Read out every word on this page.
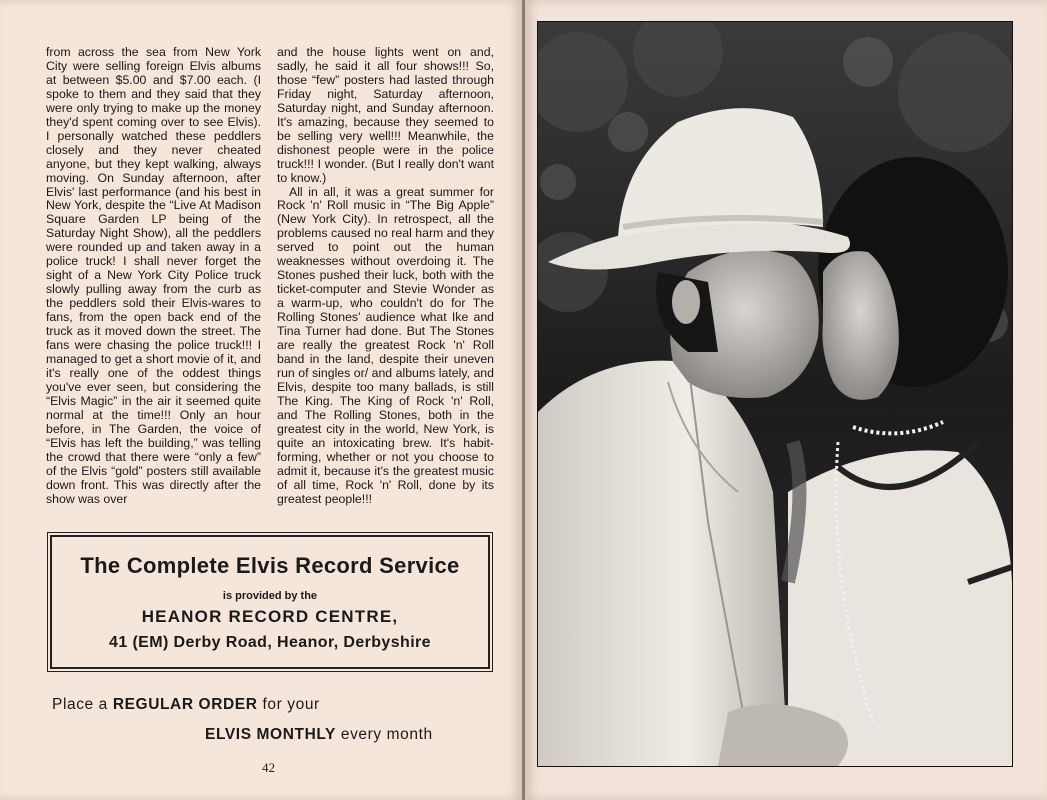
from across the sea from New York City were selling foreign Elvis albums at between $5.00 and $7.00 each. (I spoke to them and they said that they were only trying to make up the money they'd spent coming over to see Elvis). I personally watched these peddlers closely and they never cheated anyone, but they kept walking, always moving. On Sunday afternoon, after Elvis' last performance (and his best in New York, despite the “Live At Madison Square Garden LP being of the Saturday Night Show), all the peddlers were rounded up and taken away in a police truck! I shall never forget the sight of a New York City Police truck slowly pulling away from the curb as the peddlers sold their Elvis-wares to fans, from the open back end of the truck as it moved down the street. The fans were chasing the police truck!!! I managed to get a short movie of it, and it's really one of the oddest things you've ever seen, but considering the “Elvis Magic” in the air it seemed quite normal at the time!!! Only an hour before, in The Garden, the voice of “Elvis has left the building,” was telling the crowd that there were “only a few” of the Elvis “gold” posters still available down front. This was directly after the show was over

and the house lights went on and, sadly, he said it all four shows!!! So, those “few” posters had lasted through Friday night, Saturday afternoon, Saturday night, and Sunday afternoon. It's amazing, because they seemed to be selling very well!!! Meanwhile, the dishonest people were in the police truck!!! I wonder. (But I really don't want to know.)

All in all, it was a great summer for Rock 'n' Roll music in “The Big Apple” (New York City). In retrospect, all the problems caused no real harm and they served to point out the human weaknesses without overdoing it. The Stones pushed their luck, both with the ticket-computer and Stevie Wonder as a warm-up, who couldn't do for The Rolling Stones' audience what Ike and Tina Turner had done. But The Stones are really the greatest Rock 'n' Roll band in the land, despite their uneven run of singles or/ and albums lately, and Elvis, despite too many ballads, is still The King. The King of Rock 'n' Roll, and The Rolling Stones, both in the greatest city in the world, New York, is quite an intoxicating brew. It's habit-forming, whether or not you choose to admit it, because it's the greatest music of all time, Rock 'n' Roll, done by its greatest people!!!

The Complete Elvis Record Service
is provided by the
HEANOR RECORD CENTRE,
41 (EM) Derby Road, Heanor, Derbyshire
Place a REGULAR ORDER for your
ELVIS MONTHLY every month
42
